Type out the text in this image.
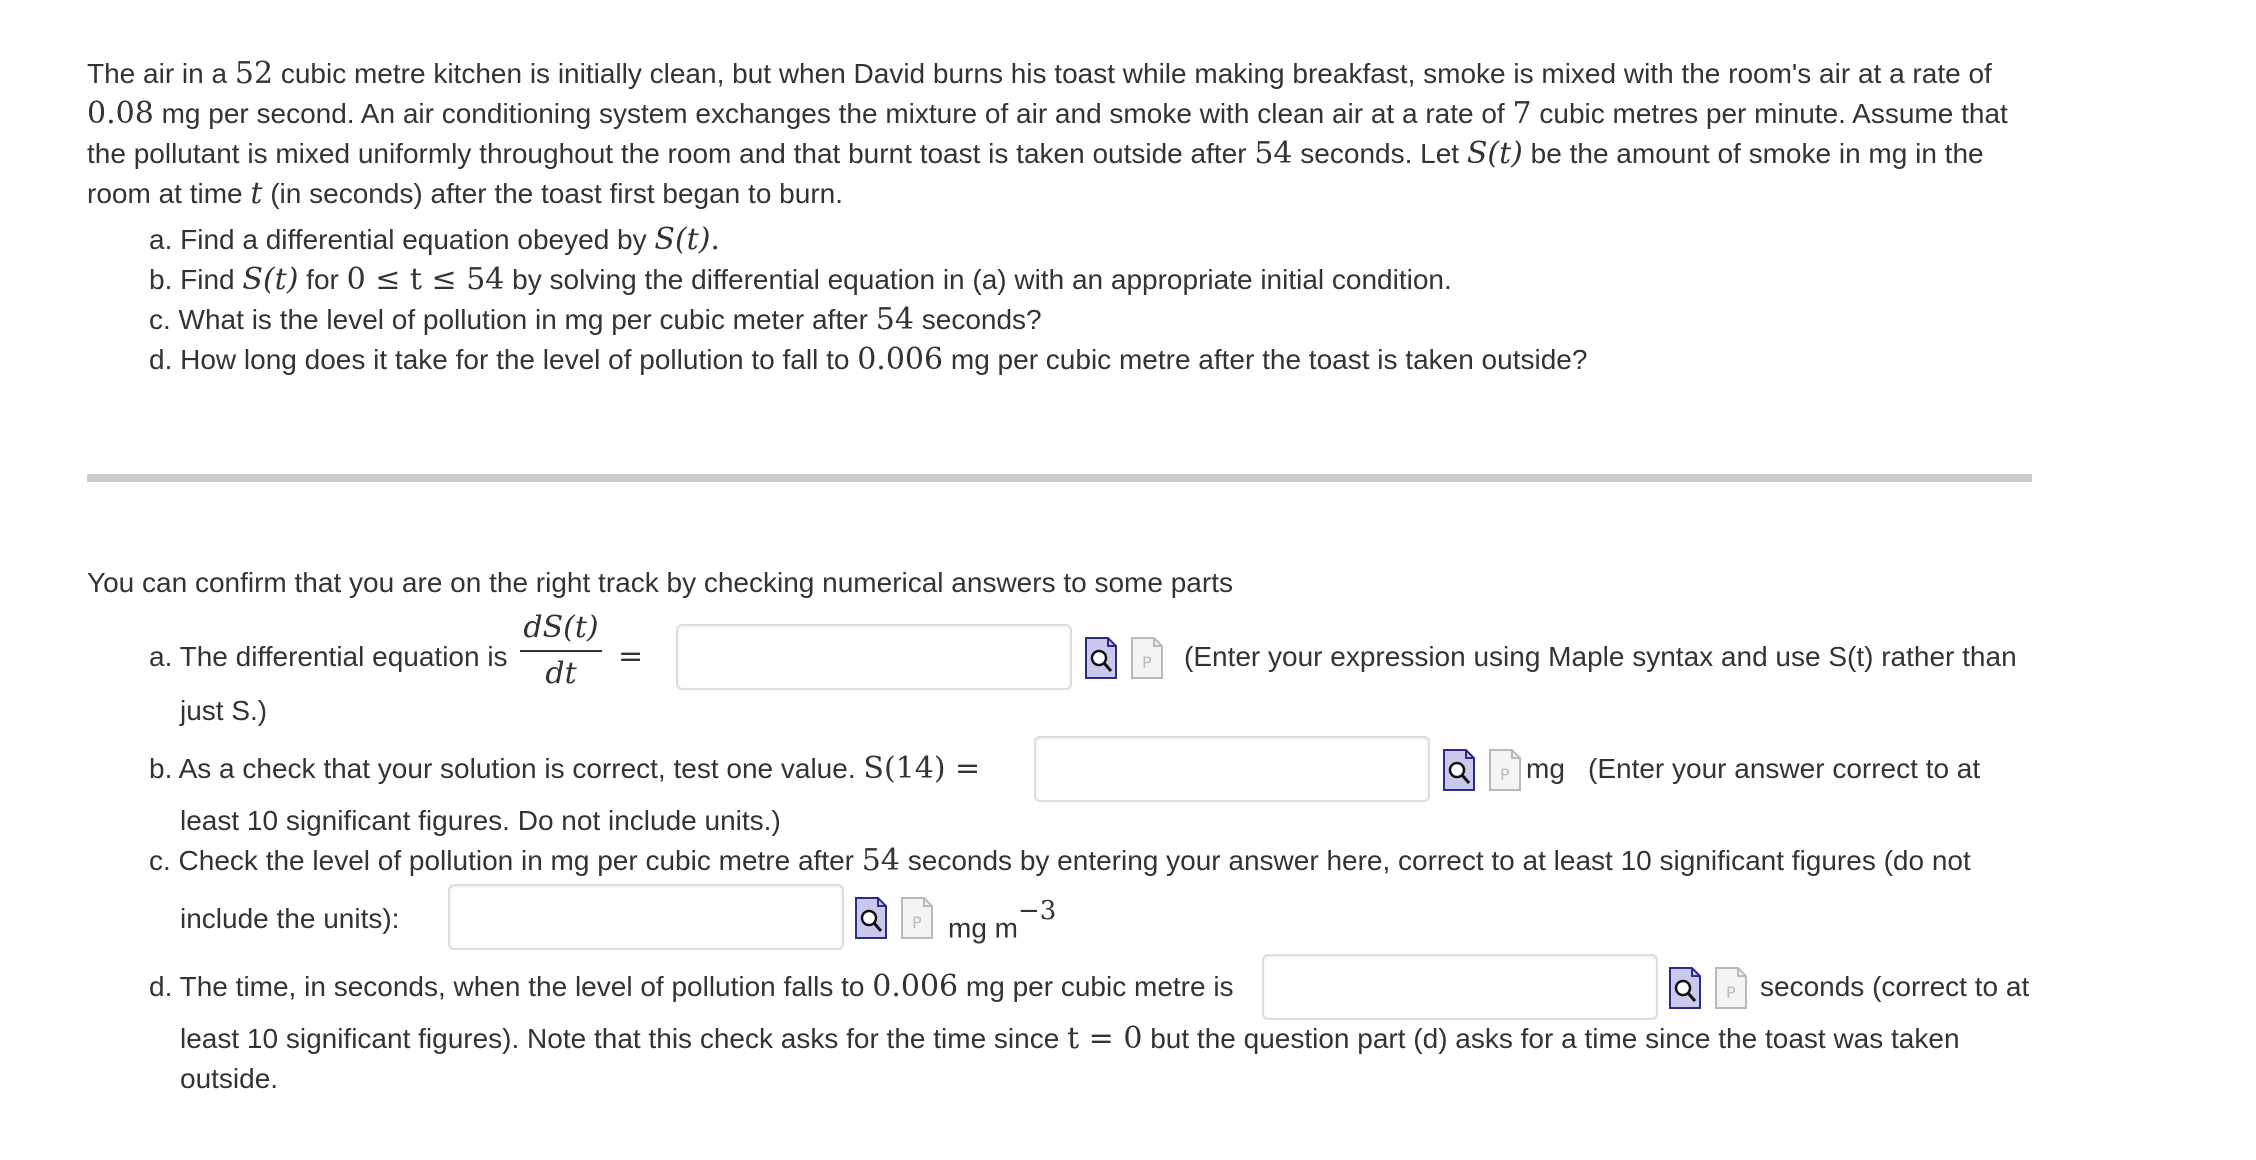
The air in a 52 cubic metre kitchen is initially clean, but when David burns his toast while making breakfast, smoke is mixed with the room's air at a rate of 0.08 mg per second. An air conditioning system exchanges the mixture of air and smoke with clean air at a rate of 7 cubic metres per minute. Assume that the pollutant is mixed uniformly throughout the room and that burnt toast is taken outside after 54 seconds. Let S(t) be the amount of smoke in mg in the room at time t (in seconds) after the toast first began to burn.

a. Find a differential equation obeyed by S(t).
b. Find S(t) for 0 ≤ t ≤ 54 by solving the differential equation in (a) with an appropriate initial condition.
c. What is the level of pollution in mg per cubic meter after 54 seconds?
d. How long does it take for the level of pollution to fall to 0.006 mg per cubic metre after the toast is taken outside?
You can confirm that you are on the right track by checking numerical answers to some parts
a. The differential equation is
dS(t)
dt	=	P (Enter your expression using Maple syntax and use S(t) rather than
just S.)
b. As a check that your solution is correct, test one value. S(14) =	P mg (Enter your answer correct to at
least 10 significant figures. Do not include units.)
c. Check the level of pollution in mg per cubic metre after 54 seconds by entering your answer here, correct to at least 10 significant figures (do not
include the units):	P mg $m^{-3}$
d. The time, in seconds, when the level of pollution falls to 0.006 mg per cubic metre is	P seconds (correct to at
least 10 significant figures). Note that this check asks for the time since t = 0 but the question part (d) asks for a time since the toast was taken
outside.
